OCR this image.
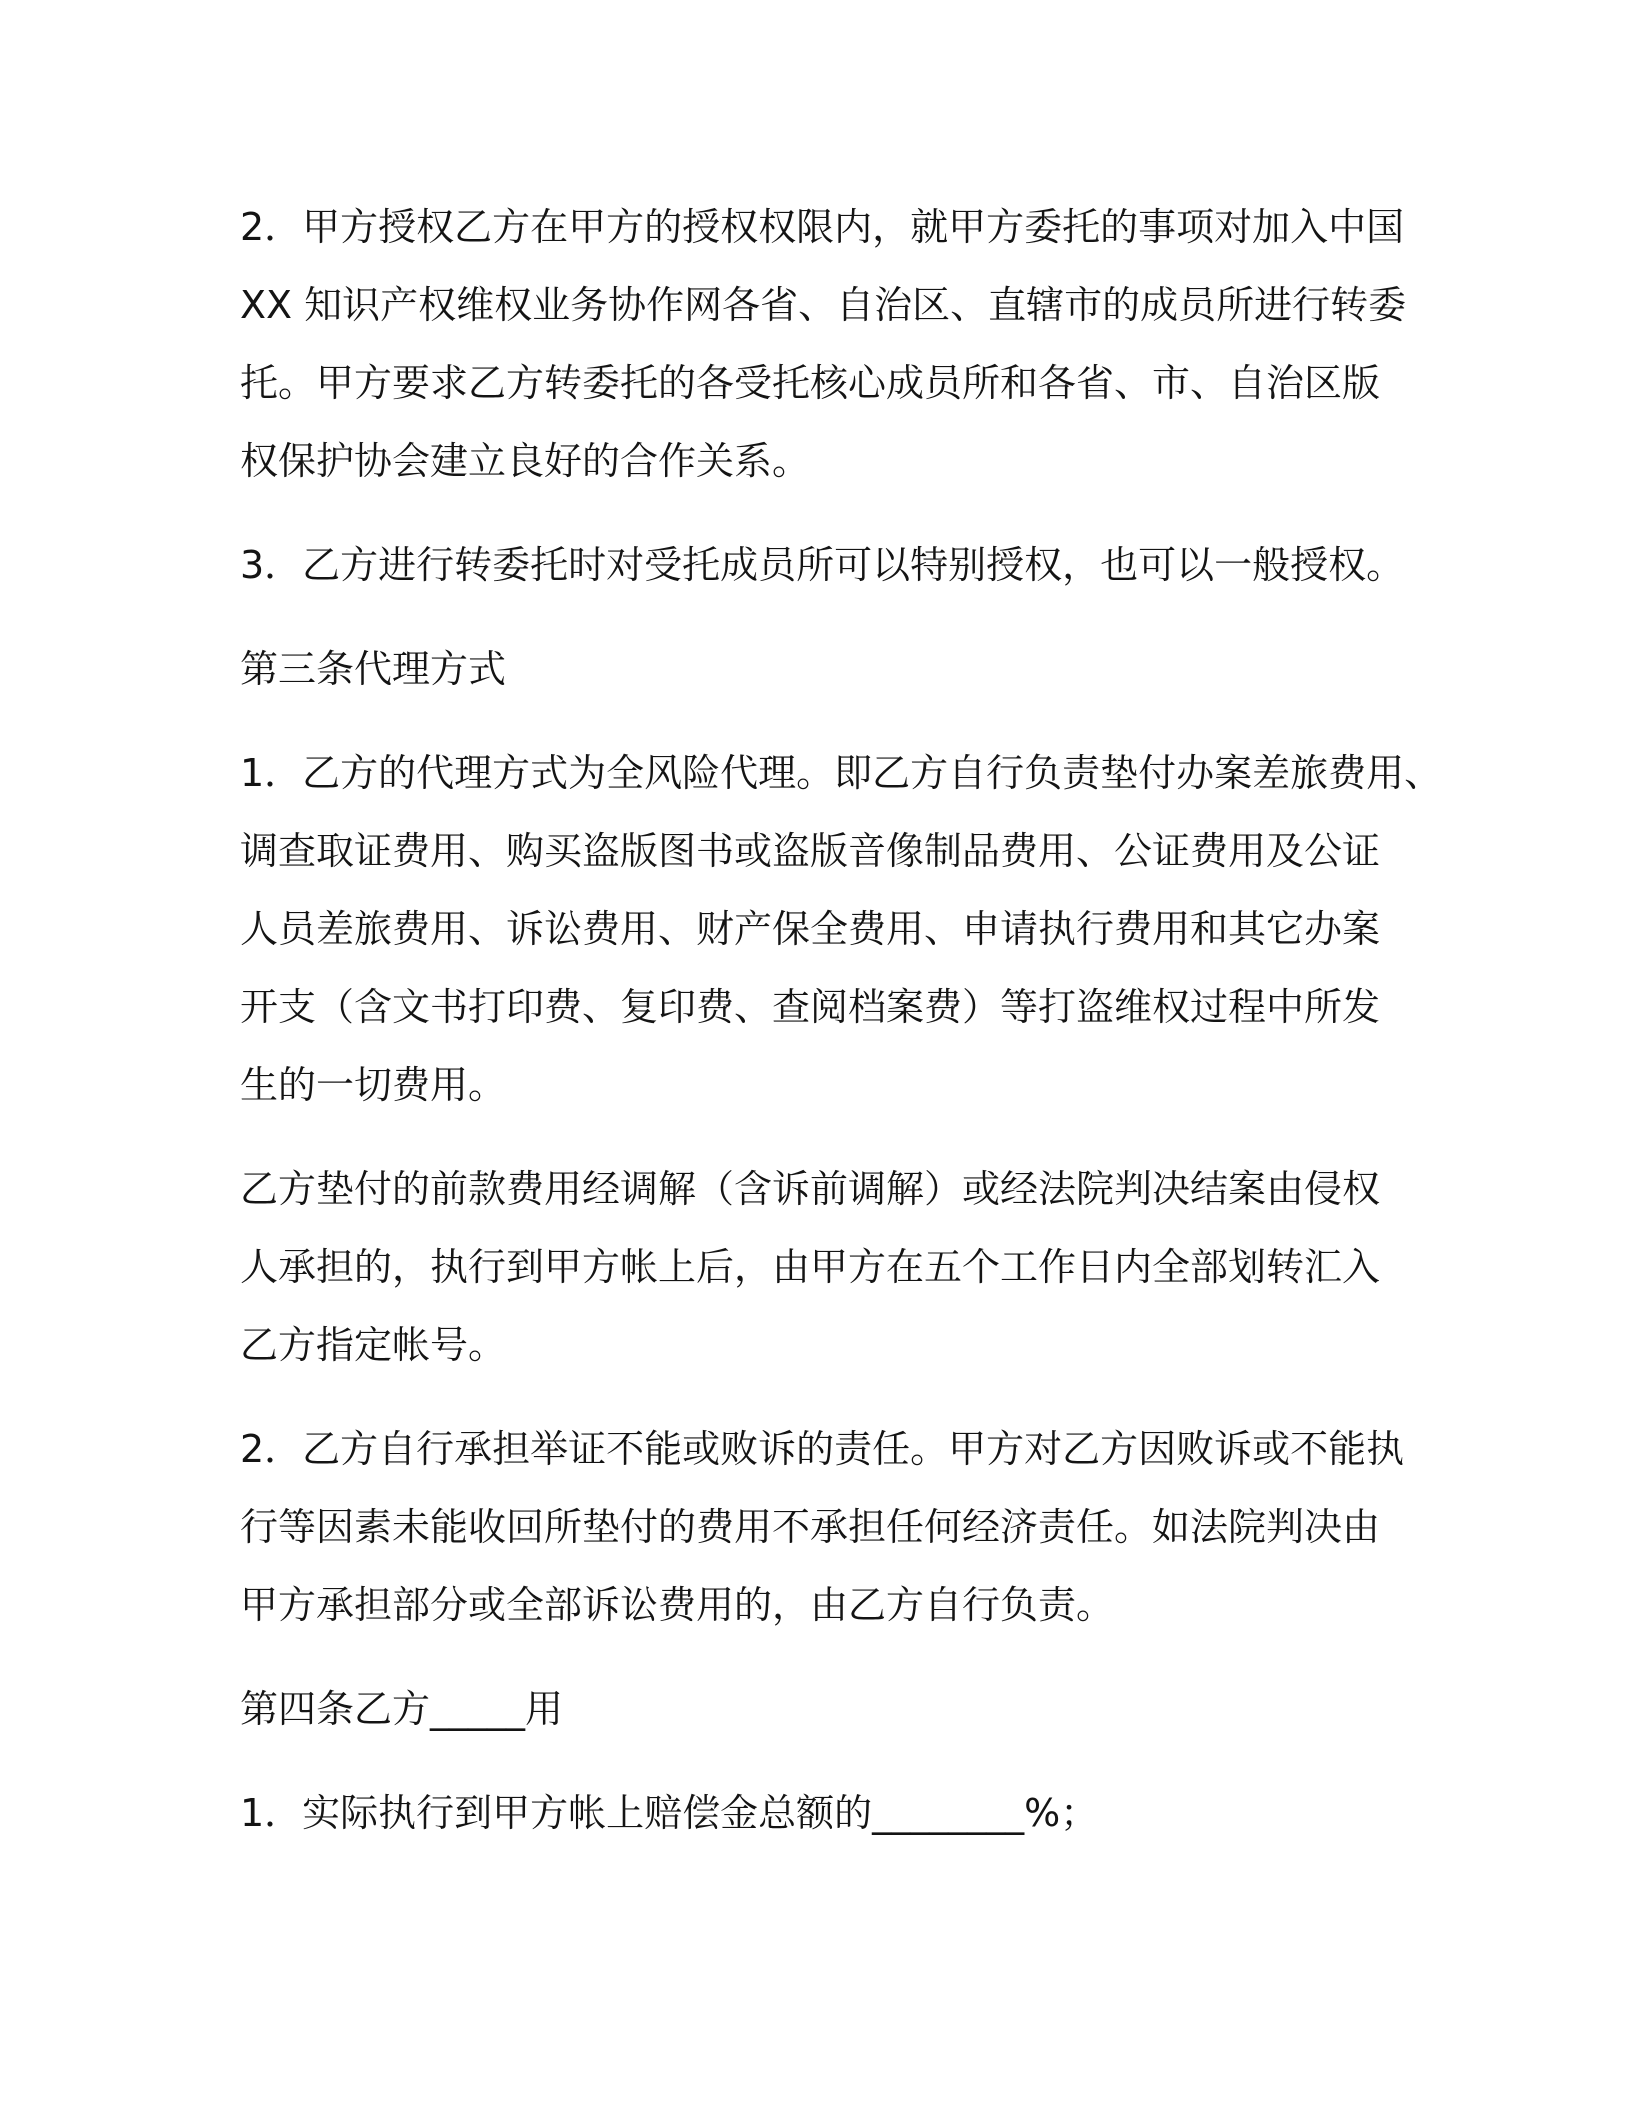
2．甲方授权乙方在甲方的授权权限内，就甲方委托的事项对加入中国
XX 知识产权维权业务协作网各省、自治区、直辖市的成员所进行转委
托。甲方要求乙方转委托的各受托核心成员所和各省、市、自治区版
权保护协会建立良好的合作关系。

3．乙方进行转委托时对受托成员所可以特别授权，也可以一般授权。

第三条代理方式

1．乙方的代理方式为全风险代理。即乙方自行负责垫付办案差旅费用、
调查取证费用、购买盗版图书或盗版音像制品费用、公证费用及公证
人员差旅费用、诉讼费用、财产保全费用、申请执行费用和其它办案
开支（含文书打印费、复印费、查阅档案费）等打盗维权过程中所发
生的一切费用。

乙方垫付的前款费用经调解（含诉前调解）或经法院判决结案由侵权
人承担的，执行到甲方帐上后，由甲方在五个工作日内全部划转汇入
乙方指定帐号。

2．乙方自行承担举证不能或败诉的责任。甲方对乙方因败诉或不能执
行等因素未能收回所垫付的费用不承担任何经济责任。如法院判决由
甲方承担部分或全部诉讼费用的，由乙方自行负责。

第四条乙方_____用

1．实际执行到甲方帐上赔偿金总额的________%；
